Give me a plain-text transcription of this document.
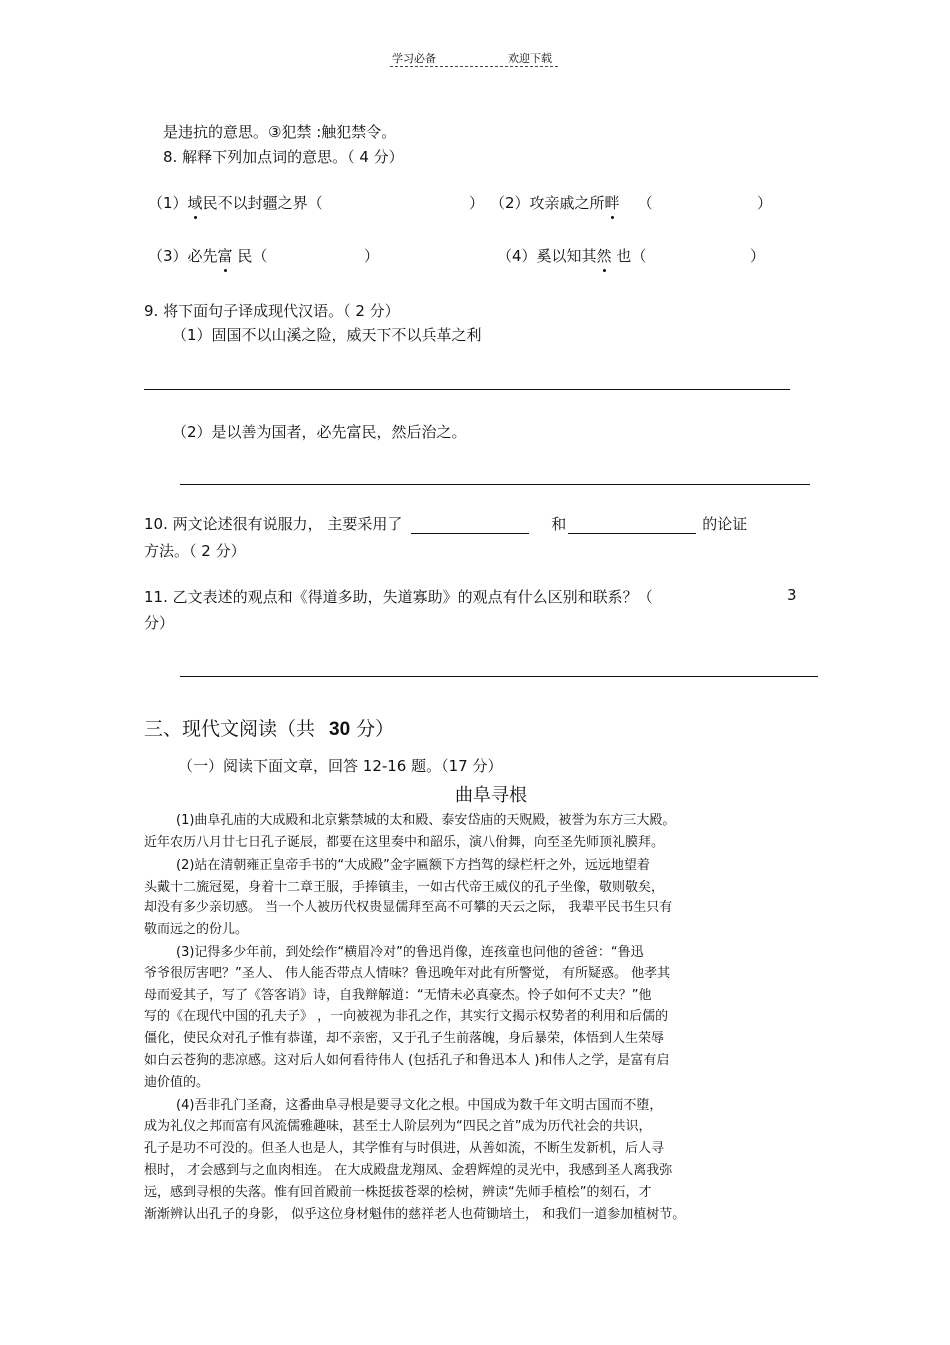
学习必备	欢迎下载
是违抗的意思。③犯禁 :触犯禁令。
8. 解释下列加点词的意思。（ 4 分）
（1）域民不以封疆之界（	） （2）攻亲戚之所畔 （	）
（3）必先富 民（	）	（4）奚以知其然 也（	）
9. 将下面句子译成现代汉语。（ 2 分）
（1）固国不以山溪之险，威天下不以兵革之利
（2）是以善为国者，必先富民，然后治之。
10. 两文论述很有说服力， 主要采用了	和	的论证
方法。（ 2 分）
11. 乙文表述的观点和《得道多助，失道寡助》的观点有什么区别和联系？（	3
分）
三、现代文阅读（共 30 分）
（一）阅读下面文章，回答 12-16 题。（17 分）
曲阜寻根
(1)曲阜孔庙的大成殿和北京紫禁城的太和殿、泰安岱庙的天贶殿，被誉为东方三大殿。
近年农历八月廿七日孔子诞辰，都要在这里奏中和韶乐，演八佾舞，向至圣先师顶礼膜拜。
(2)站在清朝雍正皇帝手书的“大成殿”金字匾额下方挡驾的绿栏杆之外，远远地望着
头戴十二旒冠冕，身着十二章王服，手捧镇圭，一如古代帝王威仪的孔子坐像，敬则敬矣，
却没有多少亲切感。 当一个人被历代权贵显儒拜至高不可攀的天云之际， 我辈平民书生只有
敬而远之的份儿。
(3)记得多少年前，到处绘作“横眉冷对”的鲁迅肖像，连孩童也问他的爸爸：“鲁迅
爷爷很厉害吧？”圣人、 伟人能否带点人情味？鲁迅晚年对此有所警觉， 有所疑惑。 他孝其
母而爱其子，写了《答客诮》诗，自我辩解道：“无情未必真豪杰。怜子如何不丈夫？”他
写的《在现代中国的孔夫子》 ，一向被视为非孔之作，其实行文揭示权势者的利用和后儒的
僵化，使民众对孔子惟有恭谨，却不亲密，又于孔子生前落魄，身后暴荣，体悟到人生荣辱
如白云苍狗的悲凉感。这对后人如何看待伟人 (包括孔子和鲁迅本人 )和伟人之学，是富有启
迪价值的。
(4)吾非孔门圣裔，这番曲阜寻根是要寻文化之根。中国成为数千年文明古国而不堕，
成为礼仪之邦而富有风流儒雅趣味，甚至士人阶层列为“四民之首”成为历代社会的共识，
孔子是功不可没的。但圣人也是人，其学惟有与时俱进，从善如流，不断生发新机，后人寻
根时， 才会感到与之血肉相连。 在大成殿盘龙翔凤、金碧辉煌的灵光中，我感到圣人离我弥
远，感到寻根的失落。惟有回首殿前一株挺拔苍翠的桧树，辨读“先师手植桧”的刻石，才
渐渐辨认出孔子的身影， 似乎这位身材魁伟的慈祥老人也荷锄培土， 和我们一道参加植树节。
